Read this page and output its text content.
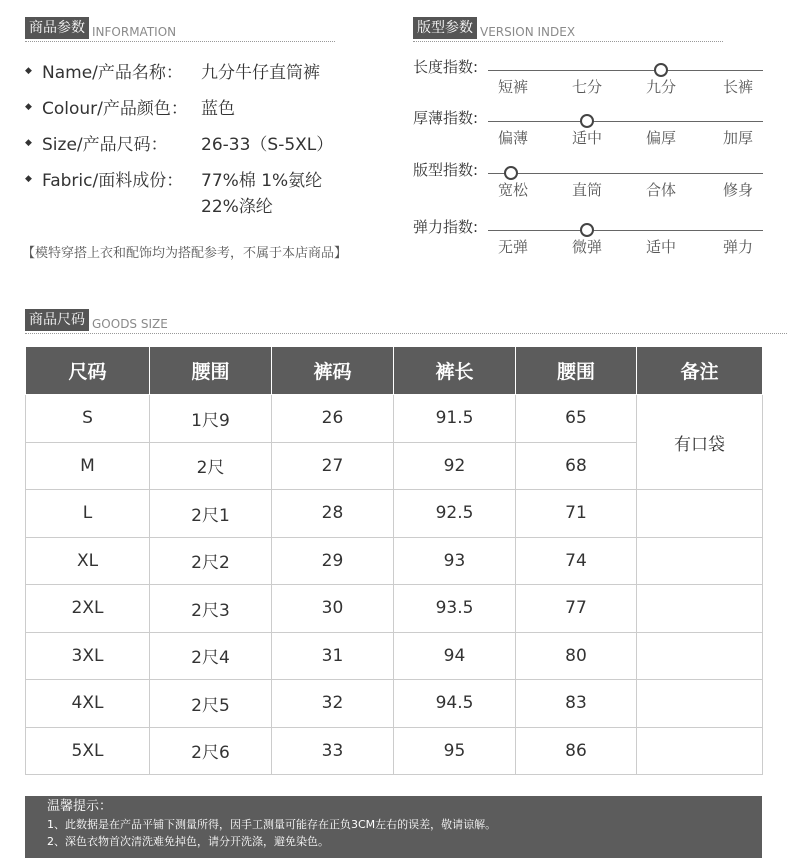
商品参数 INFORMATION
◆ Name/产品名称： 九分牛仔直筒裤
◆ Colour/产品颜色： 蓝色
◆ Size/产品尺码： 26-33（S-5XL）
◆ Fabric/面料成份： 77%棉 1%氨纶
22%涤纶
【模特穿搭上衣和配饰均为搭配参考，不属于本店商品】
版型参数 VERSION INDEX
长度指数:
短裤	七分	九分	长裤
厚薄指数:
偏薄	适中	偏厚	加厚
版型指数:
宽松	直筒	合体	修身
弹力指数:
无弹	微弹	适中	弹力
商品尺码 GOODS SIZE
尺码	腰围	裤码	裤长	腰围	备注
S	1尺9	26	91.5	65	有口袋
M	2尺	27	92	68	
L	2尺1	28	92.5	71	
XL	2尺2	29	93	74	
2XL	2尺3	30	93.5	77	
3XL	2尺4	31	94	80	
4XL	2尺5	32	94.5	83	
5XL	2尺6	33	95	86	
温馨提示：
1、此数据是在产品平铺下测量所得，因手工测量可能存在正负3CM左右的误差，敬请谅解。
2、深色衣物首次清洗难免掉色，请分开洗涤，避免染色。
